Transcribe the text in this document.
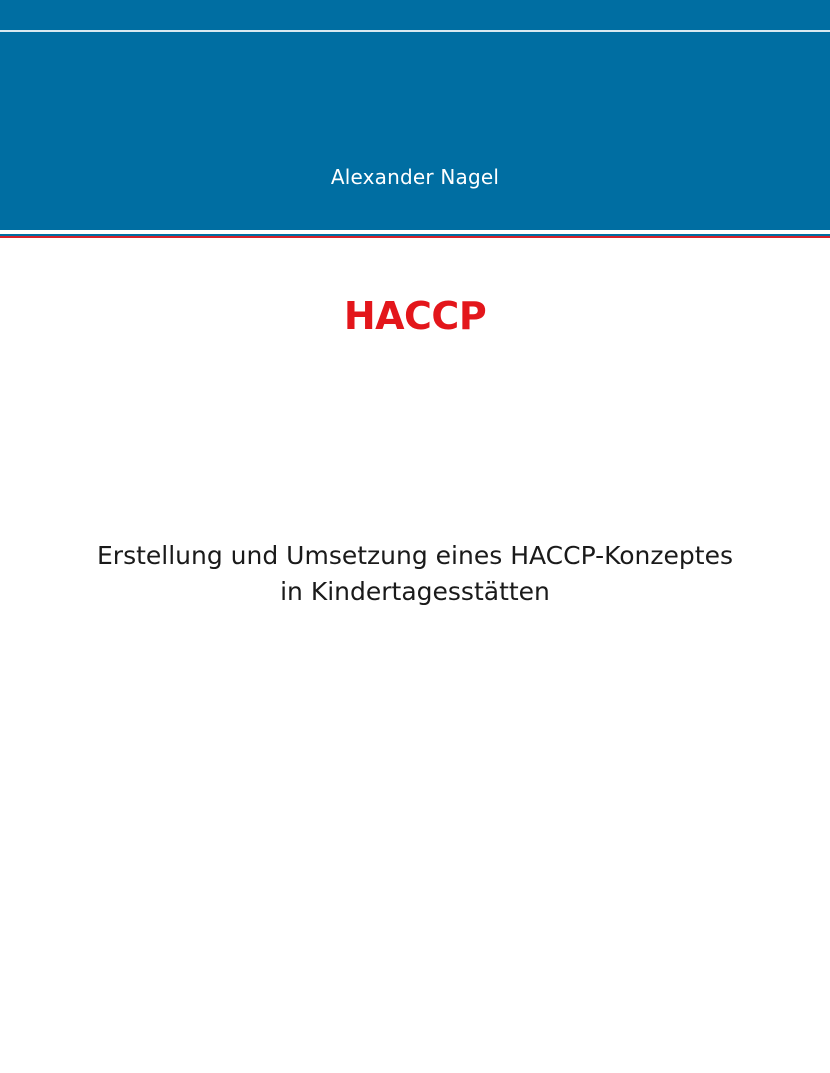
Alexander Nagel
HACCP
Erstellung und Umsetzung eines HACCP-Konzeptes
in Kindertagesstätten
